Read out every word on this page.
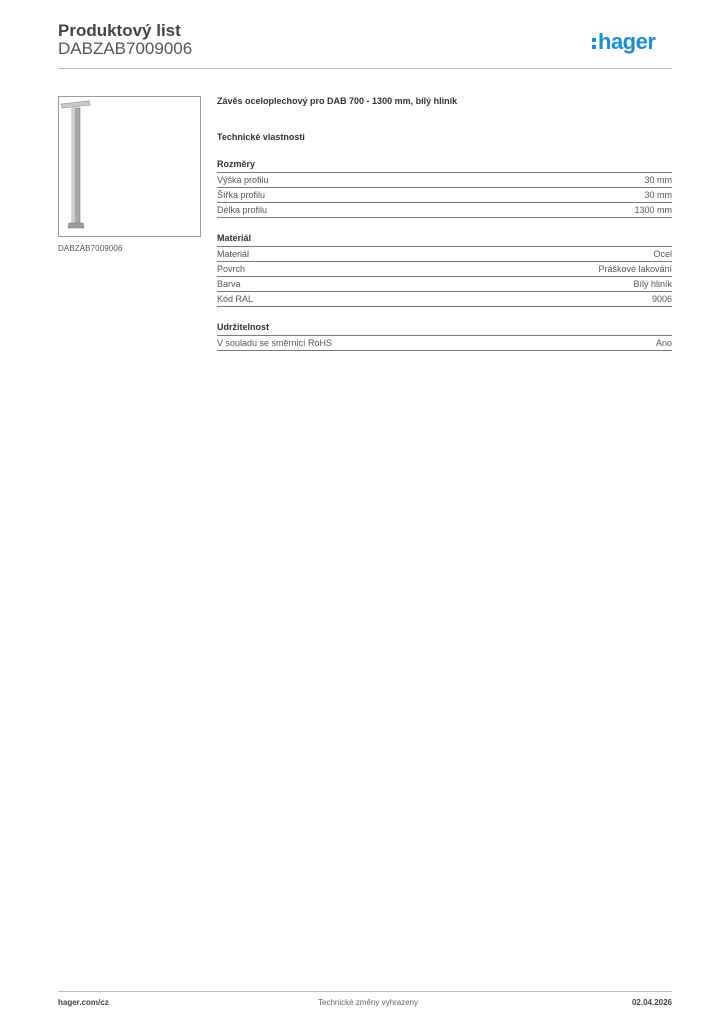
Produktový list
DABZAB7009006	hager
DABZAB7009006
Závěs oceloplechový pro DAB 700 - 1300 mm, bílý hliník
Technické vlastnosti
Rozměry
Výška profilu	30 mm
Šířka profilu	30 mm
Délka profilu	1300 mm
Materiál
Materiál	Ocel
Povrch	Práškové lakování
Barva	Bílý hliník
Kód RAL	9006
Udržitelnost
V souladu se směrnicí RoHS	Ano
hager.com/cz	Technické změny vyhrazeny	02.04.2026
